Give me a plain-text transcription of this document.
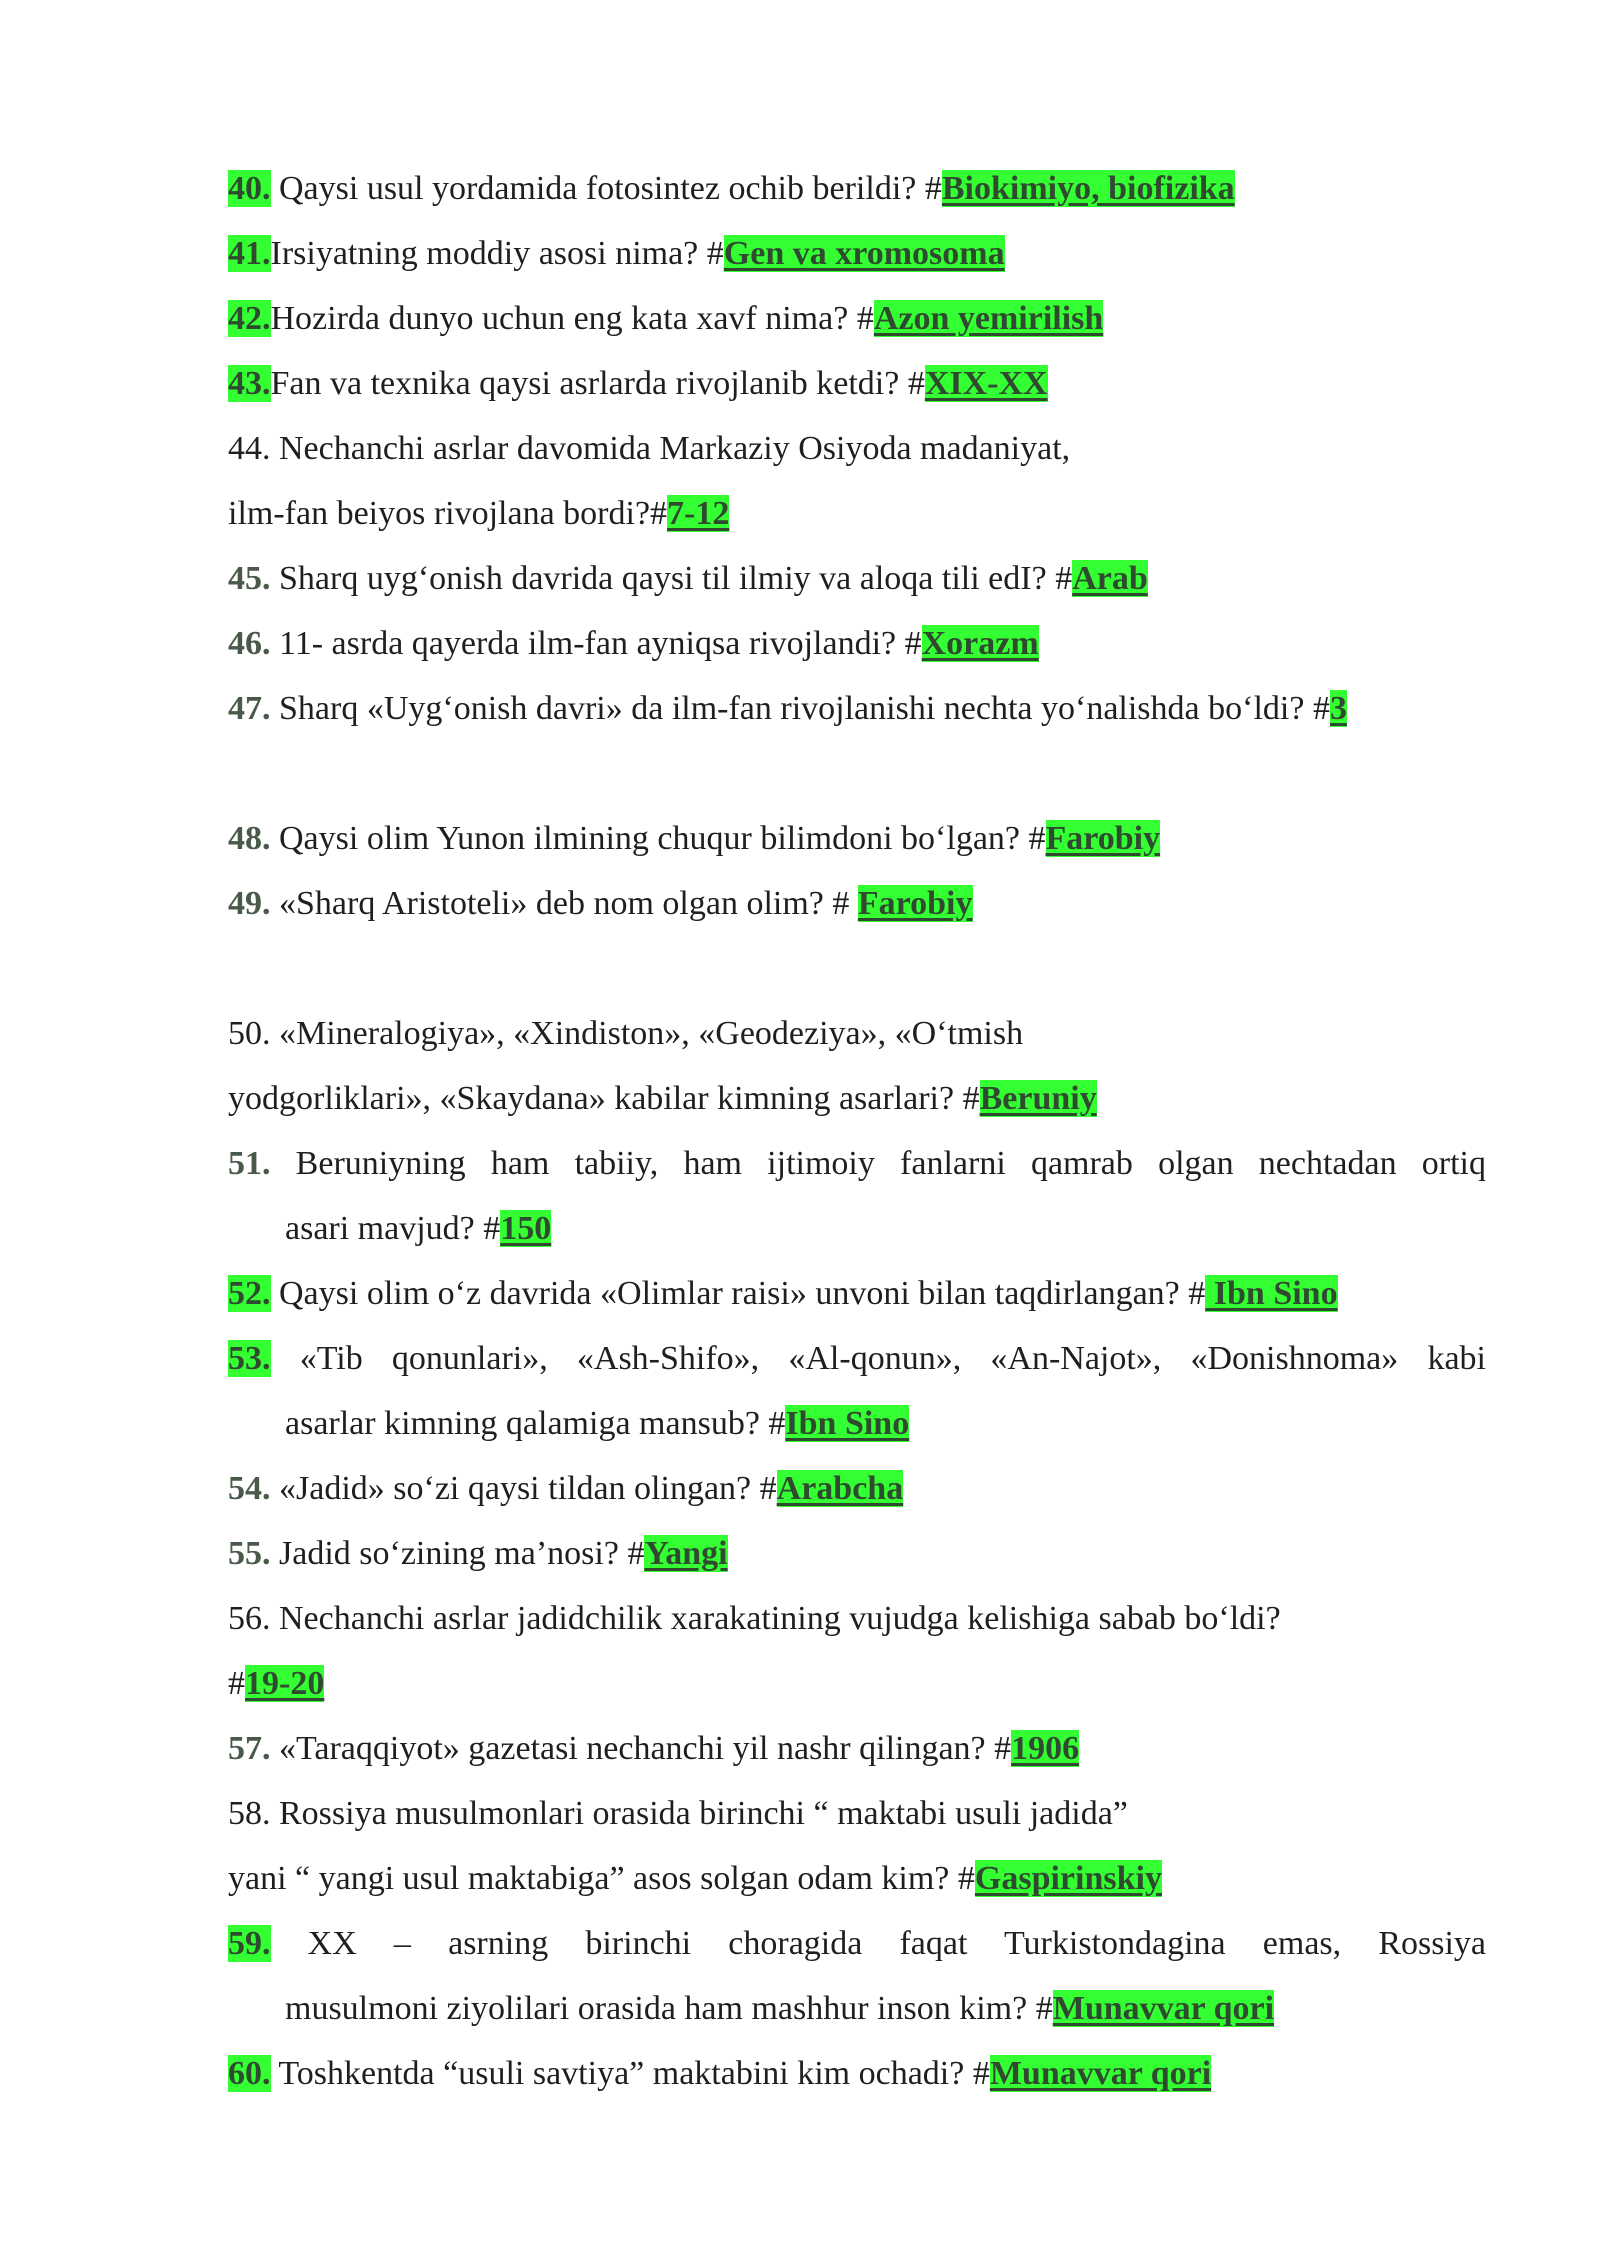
40. Qaysi usul yordamida fotosintez ochib berildi? #Biokimiyo, biofizika
41.Irsiyatning moddiy asosi nima? #Gen va xromosoma
42.Hozirda dunyo uchun eng kata xavf nima? #Azon yemirilish
43.Fan va texnika qaysi asrlarda rivojlanib ketdi? #XIX-XX
44. Nechanchi asrlar davomida Markaziy Osiyoda madaniyat,
ilm-fan beiyos rivojlana bordi?#7-12
45. Sharq uyg‘onish davrida qaysi til ilmiy va aloqa tili edI? #Arab
46. 11- asrda qayerda ilm-fan ayniqsa rivojlandi? #Xorazm
47. Sharq «Uyg‘onish davri» da ilm-fan rivojlanishi nechta yo‘nalishda bo‘ldi? #3
48. Qaysi olim Yunon ilmining chuqur bilimdoni bo‘lgan? #Farobiy
49. «Sharq Aristoteli» deb nom olgan olim? # Farobiy
50. «Mineralogiya», «Xindiston», «Geodeziya», «O‘tmish
yodgorliklari», «Skaydana» kabilar kimning asarlari? #Beruniy
51. Beruniyning ham tabiiy, ham ijtimoiy fanlarni qamrab olgan nechtadan ortiq
asari mavjud? #150
52. Qaysi olim o‘z davrida «Olimlar raisi» unvoni bilan taqdirlangan? # Ibn Sino
53. «Tib qonunlari», «Ash-Shifo», «Al-qonun», «An-Najot», «Donishnoma» kabi
asarlar kimning qalamiga mansub? #Ibn Sino
54. «Jadid» so‘zi qaysi tildan olingan? #Arabcha
55. Jadid so‘zining ma’nosi? #Yangi
56. Nechanchi asrlar jadidchilik xarakatining vujudga kelishiga sabab bo‘ldi?
#19-20
57. «Taraqqiyot» gazetasi nechanchi yil nashr qilingan? #1906
58. Rossiya musulmonlari orasida birinchi “ maktabi usuli jadida”
yani “ yangi usul maktabiga” asos solgan odam kim? #Gaspirinskiy
59. XX – asrning birinchi choragida faqat Turkistondagina emas, Rossiya
musulmoni ziyolilari orasida ham mashhur inson kim? #Munavvar qori
60. Toshkentda “usuli savtiya” maktabini kim ochadi? #Munavvar qori
